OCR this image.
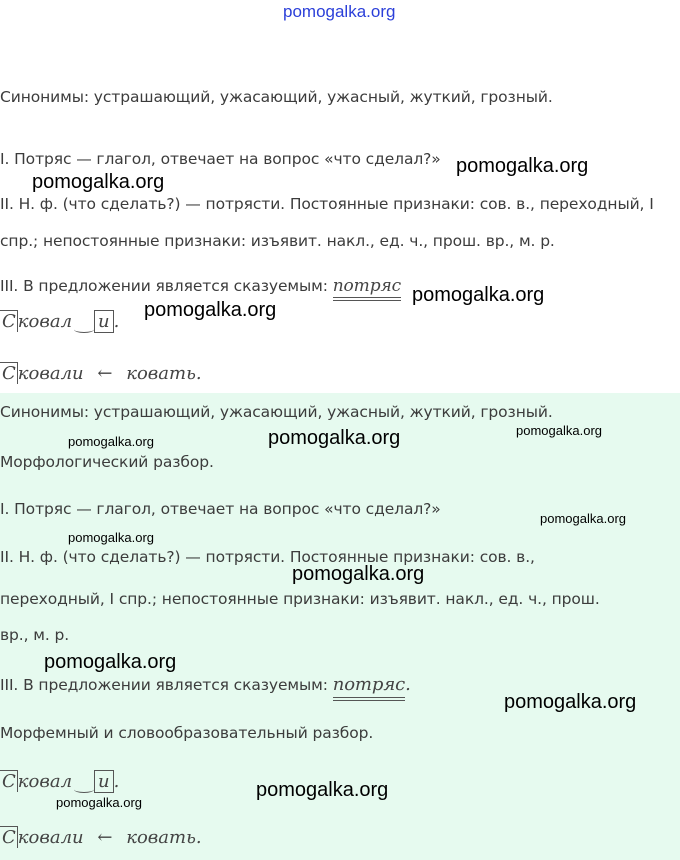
Синонимы: устрашающий, ужасающий, ужасный, жуткий, грозный.
I. Потряс — глагол, отвечает на вопрос «что сделал?»
II. Н. ф. (что сделать?) — потрясти. Постоянные признаки: сов. в., переходный, I
спр.; непостоянные признаки: изъявит. накл., ед. ч., прош. вр., м. р.
III. В предложении является сказуемым: потряс
С ковал и .
С ковали ← ковать.
Синонимы: устрашающий, ужасающий, ужасный, жуткий, грозный.
Морфологический разбор.
I. Потряс — глагол, отвечает на вопрос «что сделал?»
II. Н. ф. (что сделать?) — потрясти. Постоянные признаки: сов. в.,
переходный, I спр.; непостоянные признаки: изъявит. накл., ед. ч., прош.
вр., м. р.
III. В предложении является сказуемым: потряс.
Морфемный и словообразовательный разбор.
С ковал и .
С ковали ← ковать.
pomogalka.org
pomogalka.org
pomogalka.org
pomogalka.org
pomogalka.org
pomogalka.org	pomogalka.org	pomogalka.org
pomogalka.org
pomogalka.org
pomogalka.org
pomogalka.org
pomogalka.org
pomogalka.org
pomogalka.org
